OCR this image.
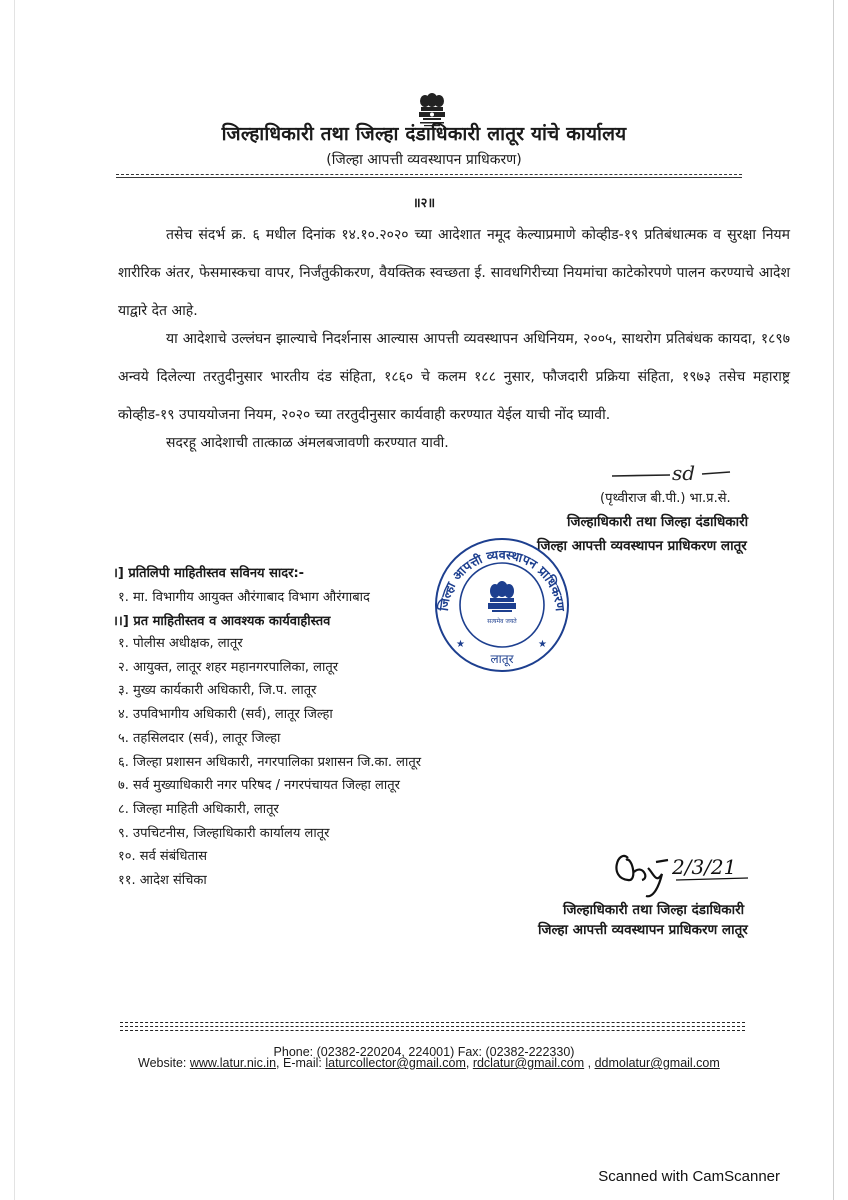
जिल्हाधिकारी तथा जिल्हा दंडाधिकारी लातूर यांचे कार्यालय
(जिल्हा आपत्ती व्यवस्थापन प्राधिकरण)
॥२॥
तसेच संदर्भ क्र. ६ मधील दिनांक १४.१०.२०२० च्या आदेशात नमूद केल्याप्रमाणे कोव्हीड-१९ प्रतिबंधात्मक व सुरक्षा नियम शारीरिक अंतर, फेसमास्कचा वापर, निर्जंतुकीकरण, वैयक्तिक स्वच्छता ई. सावधगिरीच्या नियमांचा काटेकोरपणे पालन करण्याचे आदेश याद्वारे देत आहे.
या आदेशाचे उल्लंघन झाल्याचे निदर्शनास आल्यास आपत्ती व्यवस्थापन अधिनियम, २००५, साथरोग प्रतिबंधक कायदा, १८९७ अन्वये दिलेल्या तरतुदीनुसार भारतीय दंड संहिता, १८६० चे कलम १८८ नुसार, फौजदारी प्रक्रिया संहिता, १९७३ तसेच महाराष्ट्र कोव्हीड-१९ उपाययोजना नियम, २०२० च्या तरतुदीनुसार कार्यवाही करण्यात येईल याची नोंद घ्यावी.
सदरहू आदेशाची तात्काळ अंमलबजावणी करण्यात यावी.
sd
(पृथ्वीराज बी.पी.) भा.प्र.से.
जिल्हाधिकारी तथा जिल्हा दंडाधिकारी
जिल्हा आपत्ती व्यवस्थापन प्राधिकरण लातूर
जिल्हा आपत्ती व्यवस्थापन प्राधिकरण
लातूर
★	★
सत्यमेव जयते
।] प्रतिलिपी माहितीस्तव सविनय सादर:-
१. मा. विभागीय आयुक्त औरंगाबाद विभाग औरंगाबाद
।।] प्रत माहितीस्तव व आवश्यक कार्यवाहीस्तव
१. पोलीस अधीक्षक, लातूर
२. आयुक्त, लातूर शहर महानगरपालिका, लातूर
३. मुख्य कार्यकारी अधिकारी, जि.प. लातूर
४. उपविभागीय अधिकारी (सर्व), लातूर जिल्हा
५. तहसिलदार (सर्व), लातूर जिल्हा
६. जिल्हा प्रशासन अधिकारी, नगरपालिका प्रशासन जि.का. लातूर
७. सर्व मुख्याधिकारी नगर परिषद / नगरपंचायत जिल्हा लातूर
८. जिल्हा माहिती अधिकारी, लातूर
९. उपचिटनीस, जिल्हाधिकारी कार्यालय लातूर
१०. सर्व संबंधितास
११. आदेश संचिका
2/3/21
जिल्हाधिकारी तथा जिल्हा दंडाधिकारी
जिल्हा आपत्ती व्यवस्थापन प्राधिकरण लातूर
Phone: (02382-220204, 224001) Fax: (02382-222330)
Website: www.latur.nic.in, E-mail: laturcollector@gmail.com, rdclatur@gmail.com , ddmolatur@gmail.com
Scanned with CamScanner
